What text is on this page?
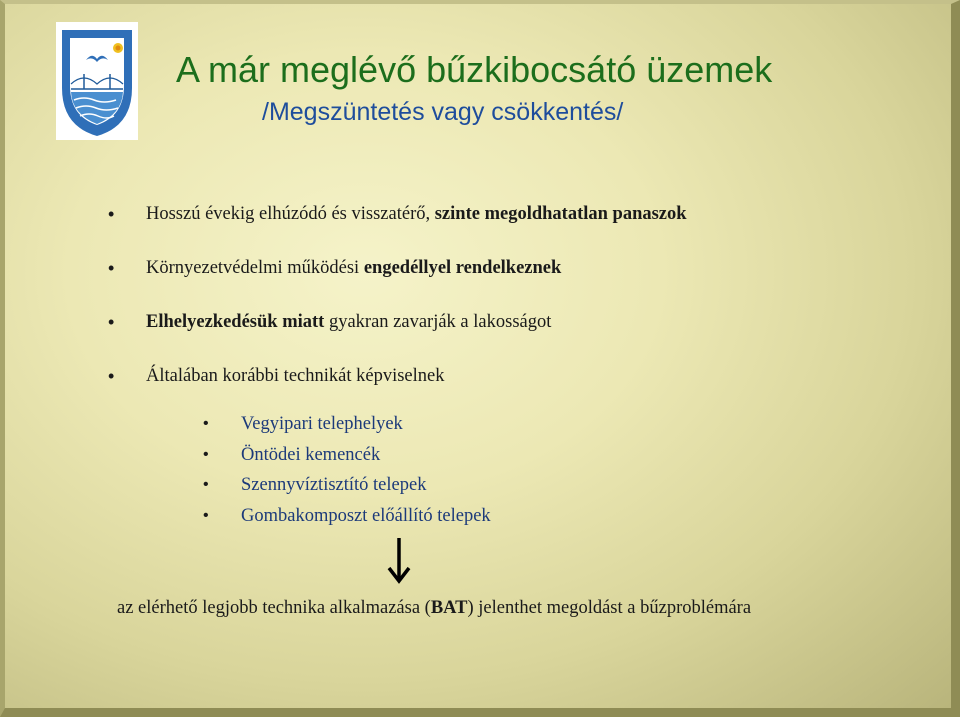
A már meglévő bűzkibocsátó üzemek
/Megszüntetés vagy csökkentés/
• Hosszú évekig elhúzódó és visszatérő, szinte megoldhatatlan panaszok
• Környezetvédelmi működési engedéllyel rendelkeznek
• Elhelyezkedésük miatt gyakran zavarják a lakosságot
• Általában korábbi technikát képviselnek
• Vegyipari telephelyek
• Öntödei kemencék
• Szennyvíztisztító telepek
• Gombakomposzt előállító telepek
az elérhető legjobb technika alkalmazása (BAT) jelenthet megoldást a bűzproblémára
